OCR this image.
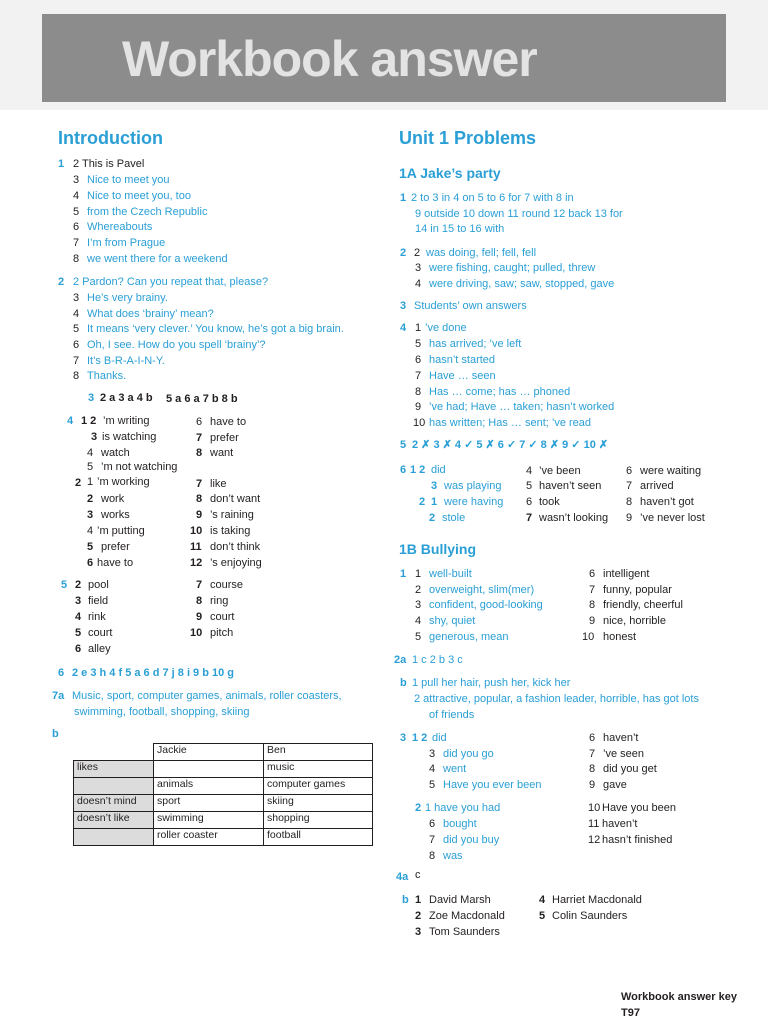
Workbook answer
Introduction
1 2 This is Pavel
3 Nice to meet you
4 Nice to meet you, too
5 from the Czech Republic
6 Whereabouts
7 I’m from Prague
8 we went there for a weekend
2 2 Pardon? Can you repeat that, please?
3 He’s very brainy.
4 What does ‘brainy’ mean?
5 It means ‘very clever.’ You know, he’s got a big brain.
6 Oh, I see. How do you spell ‘brainy’?
7 It’s B-R-A-I-N-Y.
8 Thanks.
3 2 a 3 a 4 b 5 a 6 a 7 b 8 b
4 1 2 ’m writing
3 is watching
4 watch
5 ’m not watching
6 have to
7 prefer
8 want
2 1 ’m working
2 work
3 works
4 ’m putting
5 prefer
6 have to
7 like
8 don’t want
9 ’s raining
10 is taking
11 don’t think
12 ’s enjoying
5 2 pool
3 field
4 rink
5 court
6 alley
7 course
8 ring
9 court
10 pitch
6 2 e 3 h 4 f 5 a 6 d 7 j 8 i 9 b 10 g
7a Music, sport, computer games, animals, roller coasters,
swimming, football, shopping, skiing
b
	Jackie	Ben
likes		music
	animals	computer games
doesn’t mind	sport	skiing
doesn’t like	swimming	shopping
	roller coaster	football
Unit 1 Problems
1A Jake’s party
1 2 to 3 in 4 on 5 to 6 for 7 with 8 in
9 outside 10 down 11 round 12 back 13 for
14 in 15 to 16 with
2 2 was doing, fell; fell, fell
3 were fishing, caught; pulled, threw
4 were driving, saw; saw, stopped, gave
3 Students’ own answers
4 1 ’ve done
5 has arrived; ’ve left
6 hasn’t started
7 Have … seen
8 Has … come; has … phoned
9 ’ve had; Have … taken; hasn’t worked
10 has written; Has … sent; ’ve read
5 2 ✗ 3 ✗ 4 ✓ 5 ✗ 6 ✓ 7 ✓ 8 ✗ 9 ✓ 10 ✗
6 1 2 did
3 was playing
2 1 were having
2 stole
4 ’ve been
5 haven’t seen
6 took
7 wasn’t looking
6 were waiting
7 arrived
8 haven’t got
9 ’ve never lost
1B Bullying
1 1 well-built
2 overweight, slim(mer)
3 confident, good-looking
4 shy, quiet
5 generous, mean
6 intelligent
7 funny, popular
8 friendly, cheerful
9 nice, horrible
10 honest
2a 1 c 2 b 3 c
b 1 pull her hair, push her, kick her
2 attractive, popular, a fashion leader, horrible, has got lots
of friends
3 1 2 did
3 did you go
4 went
5 Have you ever been
6 haven’t
7 ’ve seen
8 did you get
9 gave
2 1 have you had
6 bought
7 did you buy
8 was
10 Have you been
11 haven’t
12 hasn’t finished
4a c
b 1 David Marsh
2 Zoe Macdonald
3 Tom Saunders
4 Harriet Macdonald
5 Colin Saunders
Workbook answer key
T97
